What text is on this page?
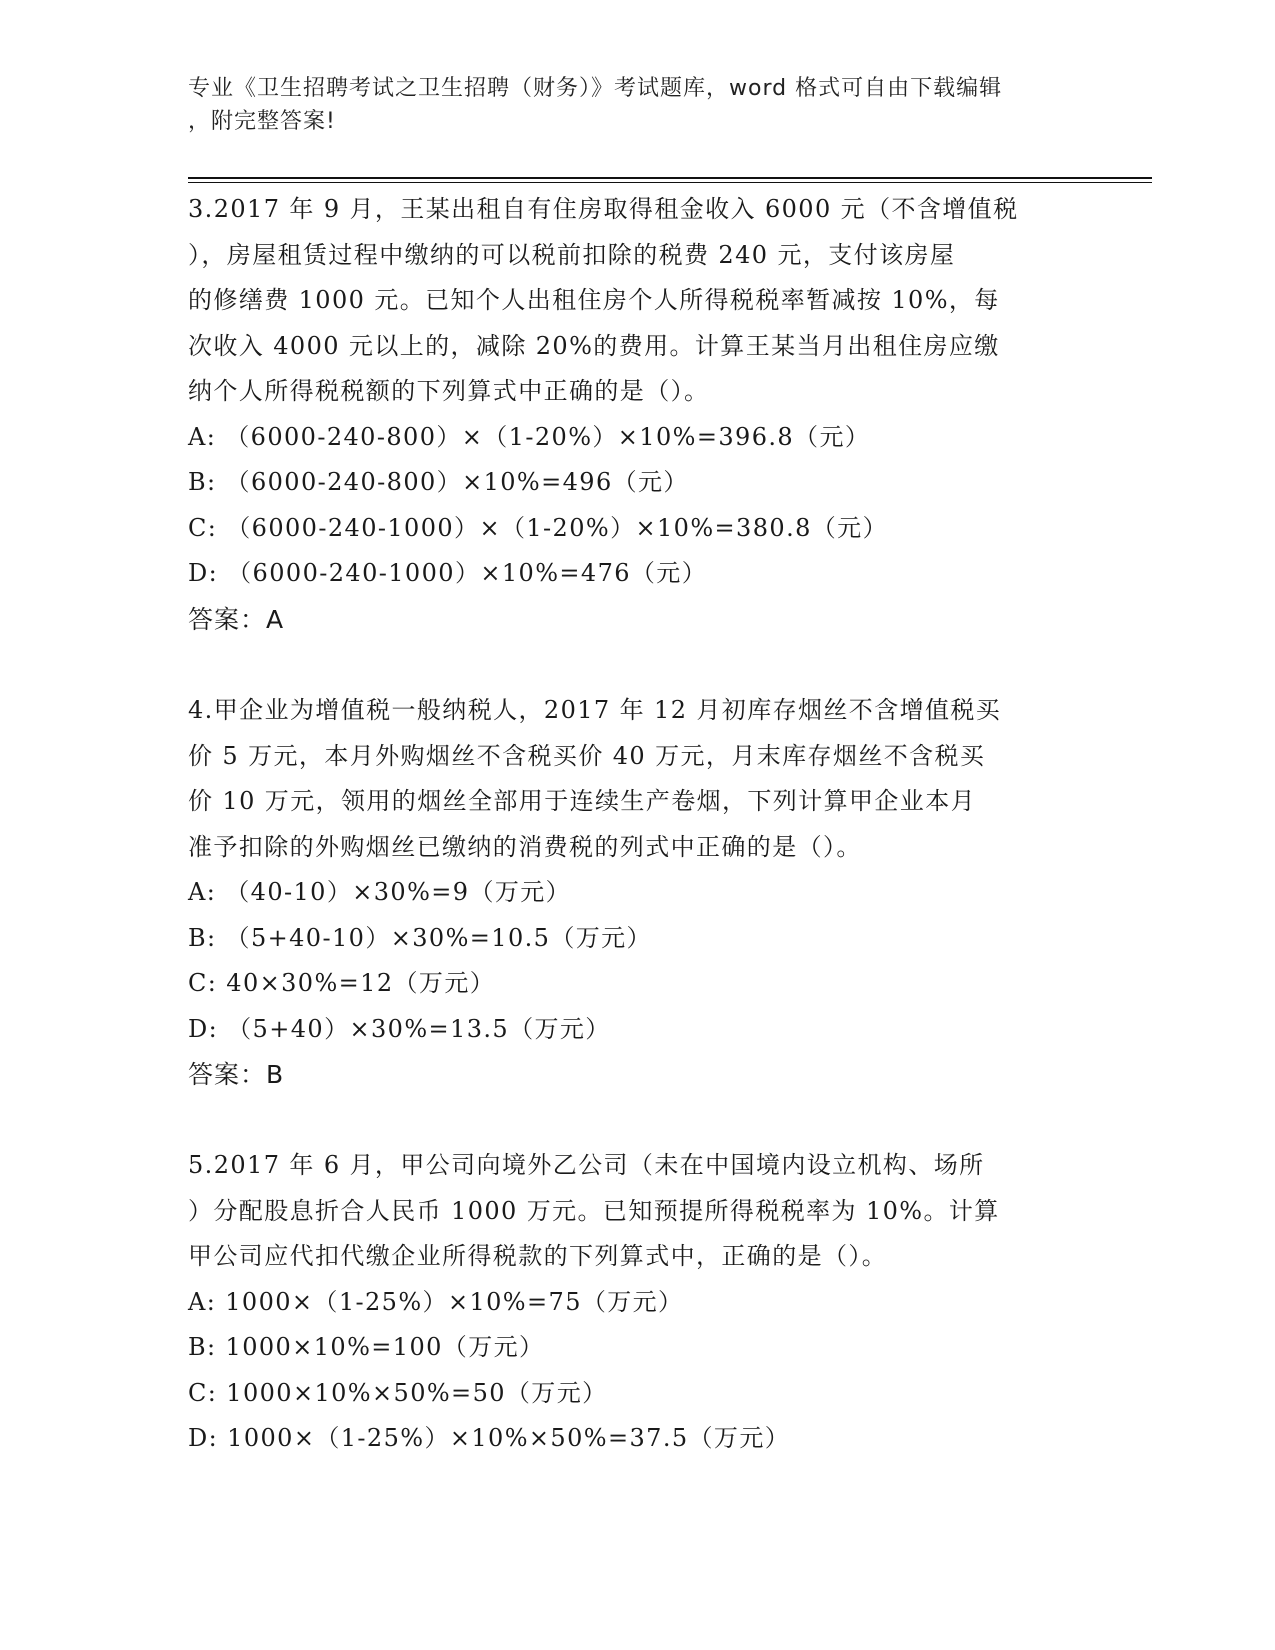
专业《卫生招聘考试之卫生招聘（财务）》考试题库，word 格式可自由下载编辑
，附完整答案!
3.2017 年 9 月，王某出租自有住房取得租金收入 6000 元（不含增值税
），房屋租赁过程中缴纳的可以税前扣除的税费 240 元，支付该房屋
的修缮费 1000 元。已知个人出租住房个人所得税税率暂减按 10%，每
次收入 4000 元以上的，减除 20%的费用。计算王某当月出租住房应缴
纳个人所得税税额的下列算式中正确的是（）。
A: （6000-240-800）×（1-20%）×10%=396.8（元）
B: （6000-240-800）×10%=496（元）
C: （6000-240-1000）×（1-20%）×10%=380.8（元）
D: （6000-240-1000）×10%=476（元）
答案：A
4.甲企业为增值税一般纳税人，2017 年 12 月初库存烟丝不含增值税买
价 5 万元，本月外购烟丝不含税买价 40 万元，月末库存烟丝不含税买
价 10 万元，领用的烟丝全部用于连续生产卷烟，下列计算甲企业本月
准予扣除的外购烟丝已缴纳的消费税的列式中正确的是（）。
A: （40-10）×30%=9（万元）
B: （5+40-10）×30%=10.5（万元）
C: 40×30%=12（万元）
D: （5+40）×30%=13.5（万元）
答案：B
5.2017 年 6 月，甲公司向境外乙公司（未在中国境内设立机构、场所
）分配股息折合人民币 1000 万元。已知预提所得税税率为 10%。计算
甲公司应代扣代缴企业所得税款的下列算式中，正确的是（）。
A: 1000×（1-25%）×10%=75（万元）
B: 1000×10%=100（万元）
C: 1000×10%×50%=50（万元）
D: 1000×（1-25%）×10%×50%=37.5（万元）
